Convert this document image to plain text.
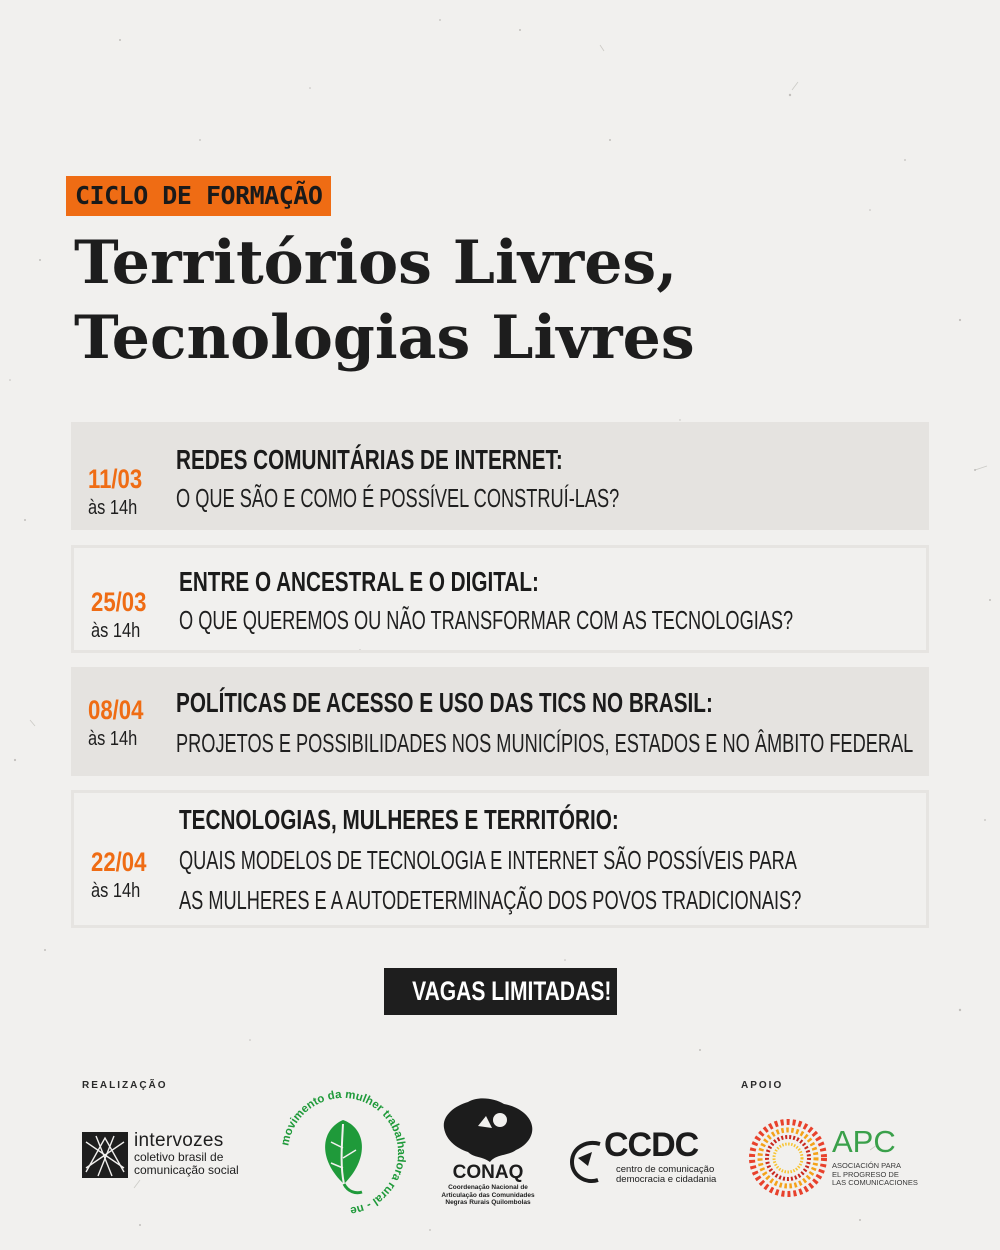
CICLO DE FORMAÇÃO
Territórios Livres,
Tecnologias Livres
11/03
às 14h
REDES COMUNITÁRIAS DE INTERNET:
O QUE SÃO E COMO É POSSÍVEL CONSTRUÍ-LAS?
25/03
às 14h
ENTRE O ANCESTRAL E O DIGITAL:
O QUE QUEREMOS OU NÃO TRANSFORMAR COM AS TECNOLOGIAS?
08/04
às 14h
POLÍTICAS DE ACESSO E USO DAS TICS NO BRASIL:
PROJETOS E POSSIBILIDADES NOS MUNICÍPIOS, ESTADOS E NO ÂMBITO FEDERAL
22/04
às 14h
TECNOLOGIAS, MULHERES E TERRITÓRIO:
QUAIS MODELOS DE TECNOLOGIA E INTERNET SÃO POSSÍVEIS PARA
AS MULHERES E A AUTODETERMINAÇÃO DOS POVOS TRADICIONAIS?
VAGAS LIMITADAS!
REALIZAÇÃO	APOIO
intervozes
coletivo brasil de
comunicação social
movimento da mulher trabalhadora rural - ne
CONAQ
Coordenação Nacional de
Articulação das Comunidades
Negras Rurais Quilombolas
CCDC
centro de comunicação
democracia e cidadania
APC
ASOCIACIÓN PARA
EL PROGRESO DE
LAS COMUNICACIONES
